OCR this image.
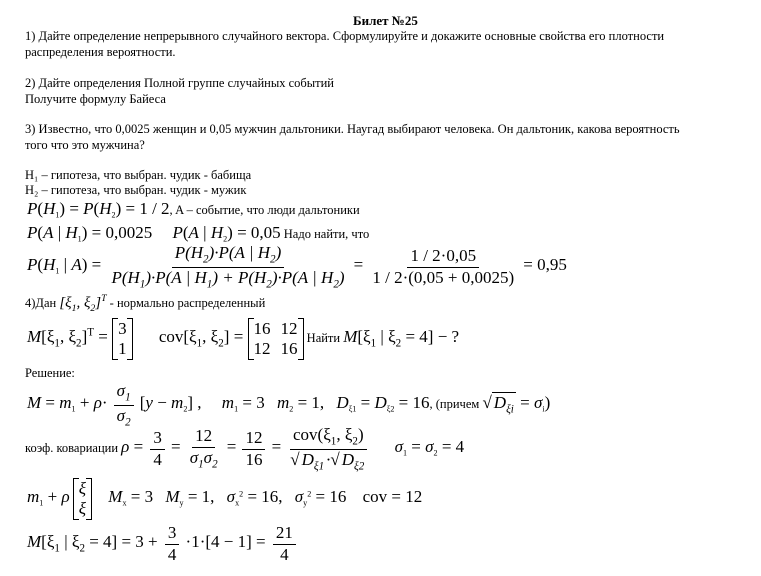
Билет №25
1) Дайте определение непрерывного случайного вектора. Сформулируйте и докажите основные свойства его плотности
распределения вероятности.
2) Дайте определения Полной группе случайных событий
Получите формулу Байеса
3) Известно, что 0,0025 женщин и 0,05 мужчин дальтоники. Наугад выбирают человека. Он дальтоник, какова вероятность
того что это мужчина?
H₁ – гипотеза, что выбран. чудик - бабища
H₂ – гипотеза, что выбран. чудик - мужик
$P(H_1) = P(H_2) = 1 / 2$, A – событие, что люди дальтоники
P(A | $H_1) = 0,0025$ P(A | $H_2) = 0,05$ Надо найти, что
$P(H_1$ | $A) = \frac{P(H_2)\cdot P(A | H_2)}{P(H_1)\cdot P(A | H_1) + P(H_2)\cdot P(A | H_2)} = \frac{1 / 2\cdot 0,05}{1 / 2\cdot(0,05 + 0,0025)} = 0,95$
4)Дан [$\xi_1$, $\xi_2]^T$ - нормально распределенный
$M[\xi_1$, $\xi_2]^T = 3$
1
$cov[\xi_1$, $\xi_2] = 16$ 12
12 16
Найти $M[\xi_1$ | $\xi_2 = 4$] − ?
Решение:
$M = m_1 + \rho\cdot \frac{\sigma_1}{\sigma_2} [y - m_2]$ , $m_1 = 3$ $m_2 = 1$, $D_{\xi 1} = D_{\xi 2} = 16$, (причем √ $D_{\xi i} = \sigma_i$)
коэф. ковариации $\rho = \frac{3}{4} = \frac{12}{\sigma_1\sigma_2} = \frac{12}{16} = \frac{cov(\xi_1, \xi_2)}{√ D_{\xi 1} \cdot√ D_{\xi 2}} \sigma_1 = \sigma_2 = 4$
$m_1 + \rho$ ξ
ξ
$M_x = 3$ $M_y = 1$, $\sigma_x^2 = 16$, $\sigma_y^2 = 16$ cov = 12
$M[\xi_1$ | $\xi_2 = 4] = 3 + \frac{3}{4} \cdot 1\cdot[4 - 1] = \frac{21}{4}$
